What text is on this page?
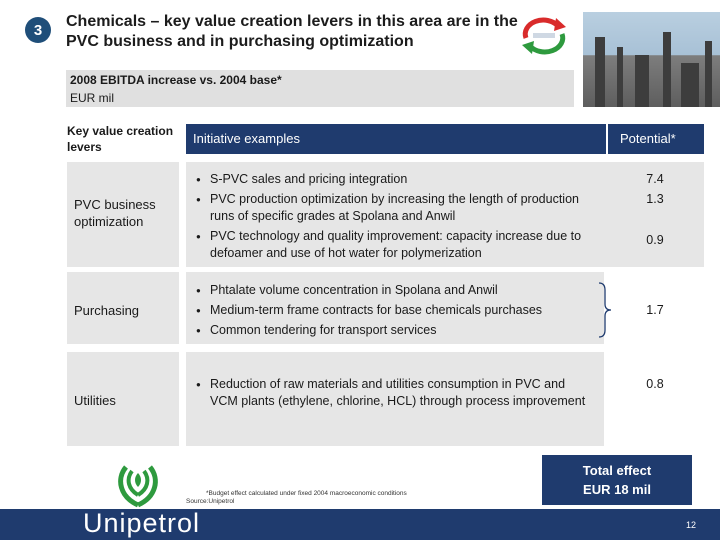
3 Chemicals – key value creation levers in this area are in the PVC business and in purchasing optimization
2008 EBITDA increase vs. 2004 base*
EUR mil
Key value creation levers
Initiative examples	Potential*
PVC business optimization
● S-PVC sales and pricing integration
● PVC production optimization by increasing the length of production runs of specific grades at Spolana and Anwil
● PVC technology and quality improvement: capacity increase due to defoamer and use of hot water for polymerization
7.4
1.3
0.9
Purchasing
● Phtalate volume concentration in Spolana and Anwil
● Medium-term frame contracts for base chemicals purchases
● Common tendering for transport services
1.7
Utilities
● Reduction of raw materials and utilities consumption in PVC and VCM plants (ethylene, chlorine, HCL) through process improvement
0.8
Total effect
EUR 18 mil
*Budget effect calculated under fixed 2004 macroeconomic conditions
Source:Unipetrol
Unipetrol	12
